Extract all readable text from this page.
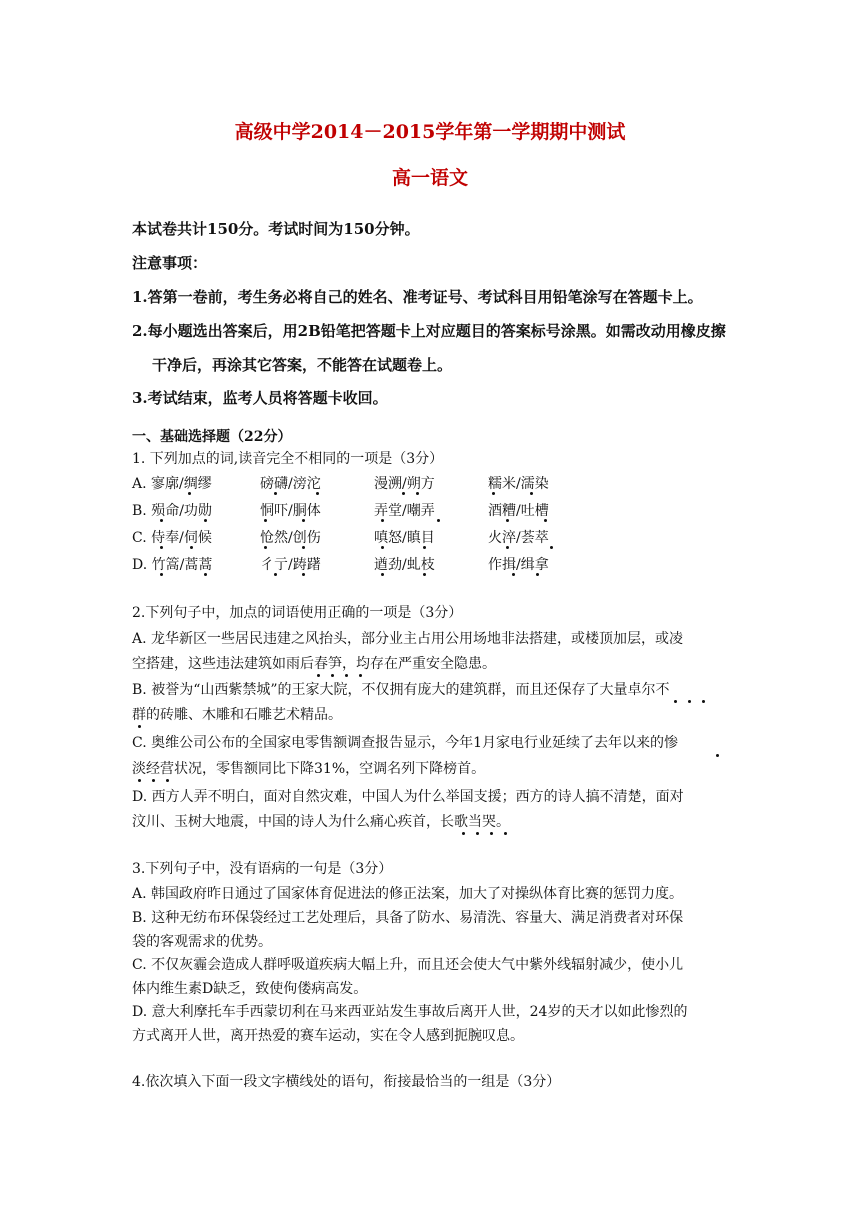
高级中学2014－2015学年第一学期期中测试
高一语文
本试卷共计150分。考试时间为150分钟。
注意事项：
1.答第一卷前，考生务必将自己的姓名、准考证号、考试科目用铅笔涂写在答题卡上。
2.每小题选出答案后，用2B铅笔把答题卡上对应题目的答案标号涂黑。如需改动用橡皮擦
干净后，再涂其它答案，不能答在试题卷上。
3.考试结束，监考人员将答题卡收回。
一、基础选择题（22分）
1. 下列加点的词,读音完全不相同的一项是（3分）
A. 寥廓/绸缪	磅礴/滂沱	漫溯/朔方	糯米/濡染
B. 殒命/功勋	恫吓/胴体	弄堂/嘲弄	酒糟/吐槽
C. 侍奉/伺候	怆然/创伤	嗔怒/瞋目	火淬/荟萃
D. 竹篙/蒿蒿	彳亍/踌躇	遒劲/虬枝	作揖/缉拿
2.下列句子中，加点的词语使用正确的一项是（3分）
A. 龙华新区一些居民违建之风抬头，部分业主占用公用场地非法搭建，或楼顶加层，或凌
空搭建，这些违法建筑如雨后春笋，均存在严重安全隐患。
B. 被誉为“山西紫禁城”的王家大院，不仅拥有庞大的建筑群，而且还保存了大量卓尔不
群的砖雕、木雕和石雕艺术精品。
C. 奥维公司公布的全国家电零售额调查报告显示，今年1月家电行业延续了去年以来的惨
淡经营状况，零售额同比下降31%，空调名列下降榜首。
D. 西方人弄不明白，面对自然灾难，中国人为什么举国支援；西方的诗人搞不清楚，面对
汶川、玉树大地震，中国的诗人为什么痛心疾首，长歌当哭。
3.下列句子中，没有语病的一句是（3分）
A. 韩国政府昨日通过了国家体育促进法的修正法案，加大了对操纵体育比赛的惩罚力度。
B. 这种无纺布环保袋经过工艺处理后，具备了防水、易清洗、容量大、满足消费者对环保
袋的客观需求的优势。
C. 不仅灰霾会造成人群呼吸道疾病大幅上升，而且还会使大气中紫外线辐射减少，使小儿
体内维生素D缺乏，致使佝偻病高发。
D. 意大利摩托车手西蒙切利在马来西亚站发生事故后离开人世，24岁的天才以如此惨烈的
方式离开人世，离开热爱的赛车运动，实在令人感到扼腕叹息。
4.依次填入下面一段文字横线处的语句，衔接最恰当的一组是（3分）
